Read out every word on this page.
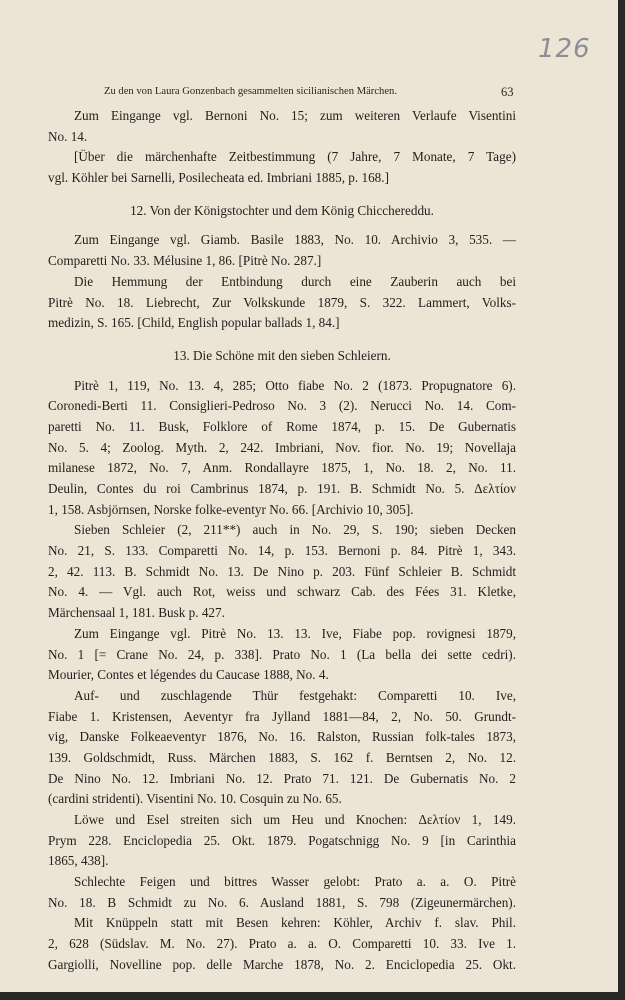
126
Zu den von Laura Gonzenbach gesammelten sicilianischen Märchen.	63
Zum Eingange vgl. Bernoni No. 15; zum weiteren Verlaufe Visentini
No. 14.
[Über die märchenhafte Zeitbestimmung (7 Jahre, 7 Monate, 7 Tage)
vgl. Köhler bei Sarnelli, Posilecheata ed. Imbriani 1885, p. 168.]
12. Von der Königstochter und dem König Chicchereddu.
Zum Eingange vgl. Giamb. Basile 1883, No. 10. Archivio 3, 535. —
Comparetti No. 33. Mélusine 1, 86. [Pitrè No. 287.]
Die Hemmung der Entbindung durch eine Zauberin auch bei
Pitrè No. 18. Liebrecht, Zur Volkskunde 1879, S. 322. Lammert, Volks-
medizin, S. 165. [Child, English popular ballads 1, 84.]
13. Die Schöne mit den sieben Schleiern.
Pitrè 1, 119, No. 13. 4, 285; Otto fiabe No. 2 (1873. Propugnatore 6).
Coronedi-Berti 11. Consiglieri-Pedroso No. 3 (2). Nerucci No. 14. Com-
paretti No. 11. Busk, Folklore of Rome 1874, p. 15. De Gubernatis
No. 5. 4; Zoolog. Myth. 2, 242. Imbriani, Nov. fior. No. 19; Novellaja
milanese 1872, No. 7, Anm. Rondallayre 1875, 1, No. 18. 2, No. 11.
Deulin, Contes du roi Cambrinus 1874, p. 191. B. Schmidt No. 5. Δελτίον
1, 158. Asbjörnsen, Norske folke-eventyr No. 66. [Archivio 10, 305].
Sieben Schleier (2, 211**) auch in No. 29, S. 190; sieben Decken
No. 21, S. 133. Comparetti No. 14, p. 153. Bernoni p. 84. Pitrè 1, 343.
2, 42. 113. B. Schmidt No. 13. De Nino p. 203. Fünf Schleier B. Schmidt
No. 4. — Vgl. auch Rot, weiss und schwarz Cab. des Fées 31. Kletke,
Märchensaal 1, 181. Busk p. 427.
Zum Eingange vgl. Pitrè No. 13. 13. Ive, Fiabe pop. rovignesi 1879,
No. 1 [= Crane No. 24, p. 338]. Prato No. 1 (La bella dei sette cedri).
Mourier, Contes et légendes du Caucase 1888, No. 4.
Auf- und zuschlagende Thür festgehakt: Comparetti 10. Ive,
Fiabe 1. Kristensen, Aeventyr fra Jylland 1881—84, 2, No. 50. Grundt-
vig, Danske Folkeaeventyr 1876, No. 16. Ralston, Russian folk-tales 1873,
139. Goldschmidt, Russ. Märchen 1883, S. 162 f. Berntsen 2, No. 12.
De Nino No. 12. Imbriani No. 12. Prato 71. 121. De Gubernatis No. 2
(cardini stridenti). Visentini No. 10. Cosquin zu No. 65.
Löwe und Esel streiten sich um Heu und Knochen: Δελτίον 1, 149.
Prym 228. Enciclopedia 25. Okt. 1879. Pogatschnigg No. 9 [in Carinthia
1865, 438].
Schlechte Feigen und bittres Wasser gelobt: Prato a. a. O. Pitrè
No. 18. B Schmidt zu No. 6. Ausland 1881, S. 798 (Zigeunermärchen).
Mit Knüppeln statt mit Besen kehren: Köhler, Archiv f. slav. Phil.
2, 628 (Südslav. M. No. 27). Prato a. a. O. Comparetti 10. 33. Ive 1.
Gargiolli, Novelline pop. delle Marche 1878, No. 2. Enciclopedia 25. Okt.
